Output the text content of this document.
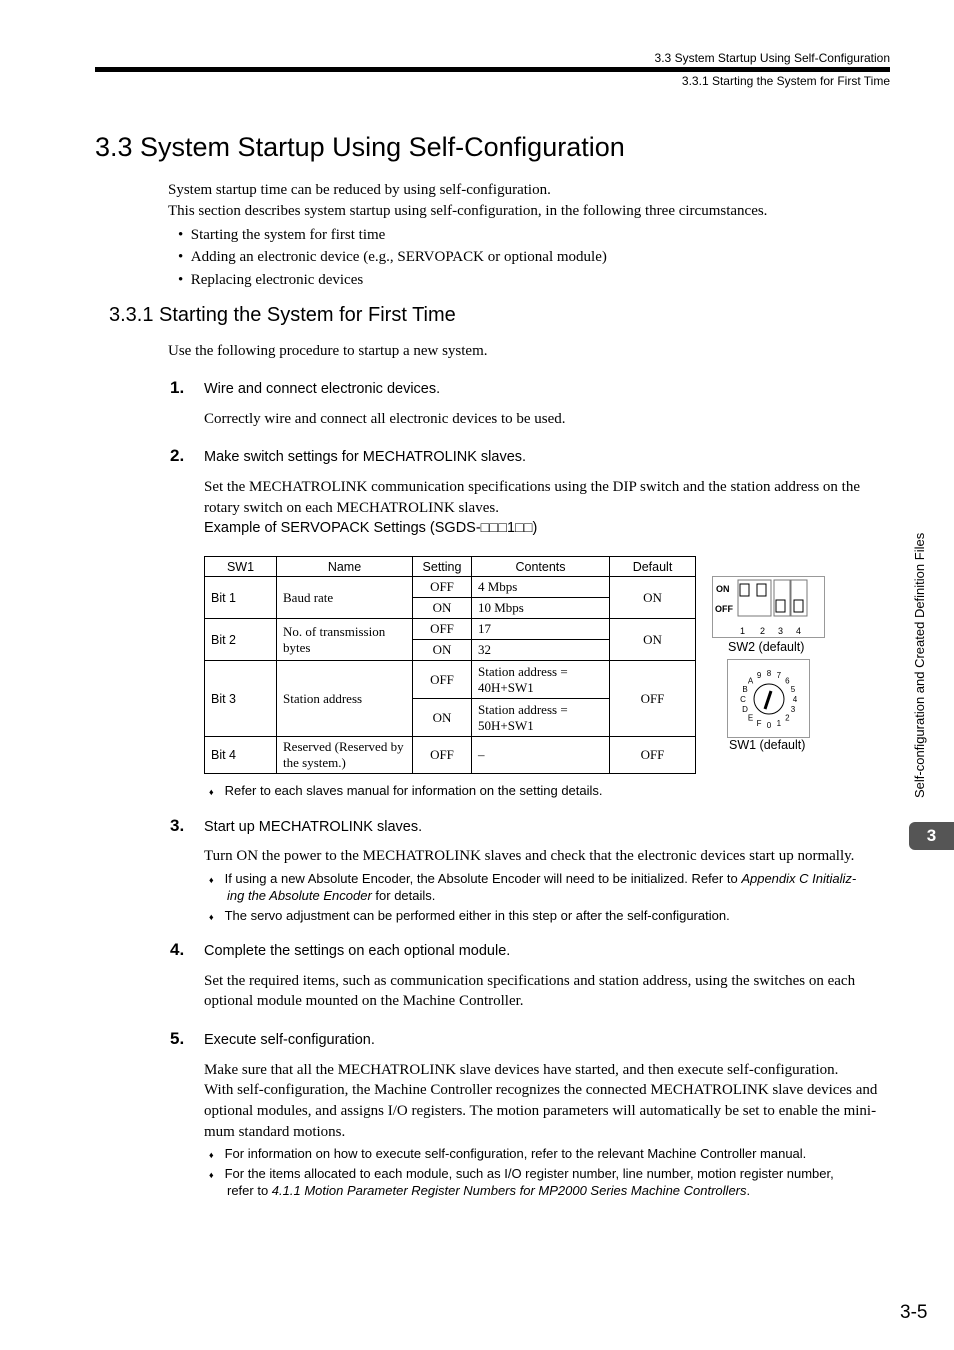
3.3 System Startup Using Self-Configuration
3.3.1 Starting the System for First Time
3.3 System Startup Using Self-Configuration
System startup time can be reduced by using self-configuration.
This section describes system startup using self-configuration, in the following three circumstances.
•  Starting the system for first time
•  Adding an electronic device (e.g., SERVOPACK or optional module)
•  Replacing electronic devices
3.3.1 Starting the System for First Time
Use the following procedure to startup a new system.
1. Wire and connect electronic devices.
Correctly wire and connect all electronic devices to be used.
2. Make switch settings for MECHATROLINK slaves.
Set the MECHATROLINK communication specifications using the DIP switch and the station address on the
rotary switch on each MECHATROLINK slaves.
Example of SERVOPACK Settings (SGDS-□□□1□□)
SW1	Name	Setting	Contents	Default
Bit 1	Baud rate	OFF	4 Mbps	ON
		ON	10 Mbps	
Bit 2	No. of transmission bytes	OFF	17	ON
		ON	32	
Bit 3	Station address	OFF	Station address = 40H+SW1	OFF
		ON	Station address = 50H+SW1	
Bit 4	Reserved (Reserved by the system.)	OFF	–	OFF
ON
OFF
1 2 3 4
SW2 (default)
0 1
2
3
4
5
6
7
8
9
A
B
C
D
E
F
SW1 (default)
♦ Refer to each slaves manual for information on the setting details.
3. Start up MECHATROLINK slaves.
Turn ON the power to the MECHATROLINK slaves and check that the electronic devices start up normally.
♦ If using a new Absolute Encoder, the Absolute Encoder will need to be initialized. Refer to Appendix C Initializ-
ing the Absolute Encoder for details.
♦ The servo adjustment can be performed either in this step or after the self-configuration.
4. Complete the settings on each optional module.
Set the required items, such as communication specifications and station address, using the switches on each
optional module mounted on the Machine Controller.
5. Execute self-configuration.
Make sure that all the MECHATROLINK slave devices have started, and then execute self-configuration.
With self-configuration, the Machine Controller recognizes the connected MECHATROLINK slave devices and
optional modules, and assigns I/O registers. The motion parameters will automatically be set to enable the mini-
mum standard motions.
♦ For information on how to execute self-configuration, refer to the relevant Machine Controller manual.
♦ For the items allocated to each module, such as I/O register number, line number, motion register number,
refer to 4.1.1 Motion Parameter Register Numbers for MP2000 Series Machine Controllers.
Self-configuration and Created Definition Files
3
3-5
